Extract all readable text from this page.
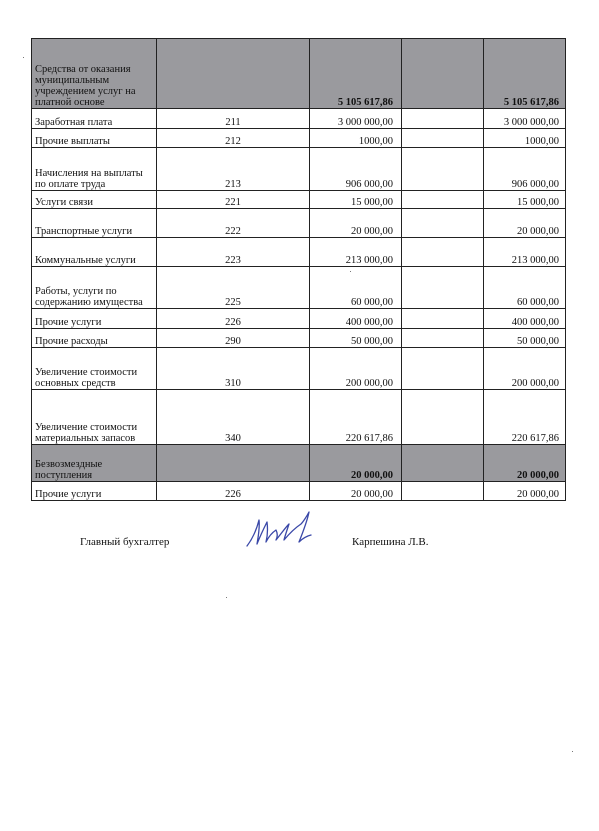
Средства от оказания муниципальным учреждением услуг на платной основе		5 105 617,86		5 105 617,86
Заработная плата	211	3 000 000,00		3 000 000,00
Прочие выплаты	212	1000,00		1000,00
Начисления на выплаты по оплате труда	213	906 000,00		906 000,00
Услуги связи	221	15 000,00		15 000,00
Транспортные услуги	222	20 000,00		20 000,00
Коммунальные услуги	223	213 000,00		213 000,00
Работы, услуги по содержанию имущества	225	60 000,00		60 000,00
Прочие услуги	226	400 000,00		400 000,00
Прочие расходы	290	50 000,00		50 000,00
Увеличение стоимости основных средств	310	200 000,00		200 000,00
Увеличение стоимости материальных запасов	340	220 617,86		220 617,86
Безвозмездные поступления		20 000,00		20 000,00
Прочие услуги	226	20 000,00		20 000,00
Главный бухгалтер	Карпешина Л.В.
